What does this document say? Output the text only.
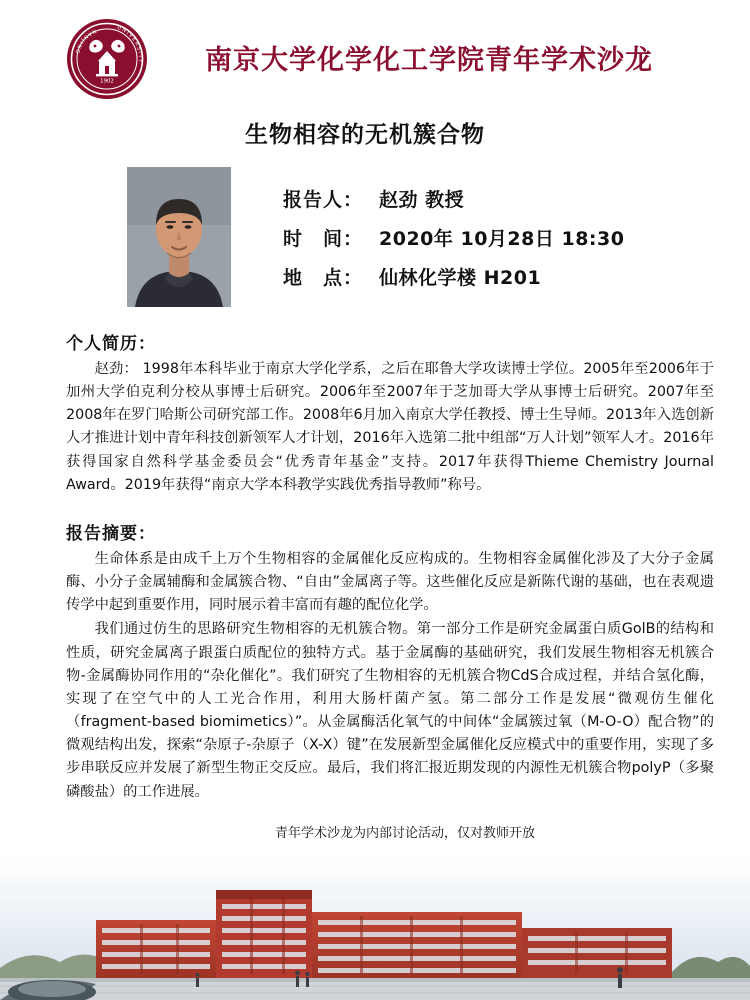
1902
NANJING
UNIVERSITY	南京大学化学化工学院青年学术沙龙
生物相容的无机簇合物
报告人： 赵劲 教授
时　间： 2020年 10月28日 18:30
地　点： 仙林化学楼 H201
个人简历：

赵劲： 1998年本科毕业于南京大学化学系，之后在耶鲁大学攻读博士学位。2005年至2006年于加州大学伯克利分校从事博士后研究。2006年至2007年于芝加哥大学从事博士后研究。2007年至2008年在罗门哈斯公司研究部工作。2008年6月加入南京大学任教授、博士生导师。2013年入选创新人才推进计划中青年科技创新领军人才计划，2016年入选第二批中组部“万人计划”领军人才。2016年获得国家自然科学基金委员会“优秀青年基金”支持。2017年获得Thieme Chemistry Journal Award。2019年获得“南京大学本科教学实践优秀指导教师”称号。

报告摘要：

生命体系是由成千上万个生物相容的金属催化反应构成的。生物相容金属催化涉及了大分子金属酶、小分子金属辅酶和金属簇合物、“自由”金属离子等。这些催化反应是新陈代谢的基础，也在表观遗传学中起到重要作用，同时展示着丰富而有趣的配位化学。

我们通过仿生的思路研究生物相容的无机簇合物。第一部分工作是研究金属蛋白质GolB的结构和性质，研究金属离子跟蛋白质配位的独特方式。基于金属酶的基础研究，我们发展生物相容无机簇合物-金属酶协同作用的“杂化催化”。我们研究了生物相容的无机簇合物CdS合成过程，并结合氢化酶，实现了在空气中的人工光合作用，利用大肠杆菌产氢。第二部分工作是发展“微观仿生催化（fragment-based biomimetics）”。从金属酶活化氧气的中间体“金属簇过氧（M-O-O）配合物”的微观结构出发，探索“杂原子-杂原子（X-X）键”在发展新型金属催化反应模式中的重要作用，实现了多步串联反应并发展了新型生物正交反应。最后，我们将汇报近期发现的内源性无机簇合物polyP（多聚磷酸盐）的工作进展。

青年学术沙龙为内部讨论活动，仅对教师开放
